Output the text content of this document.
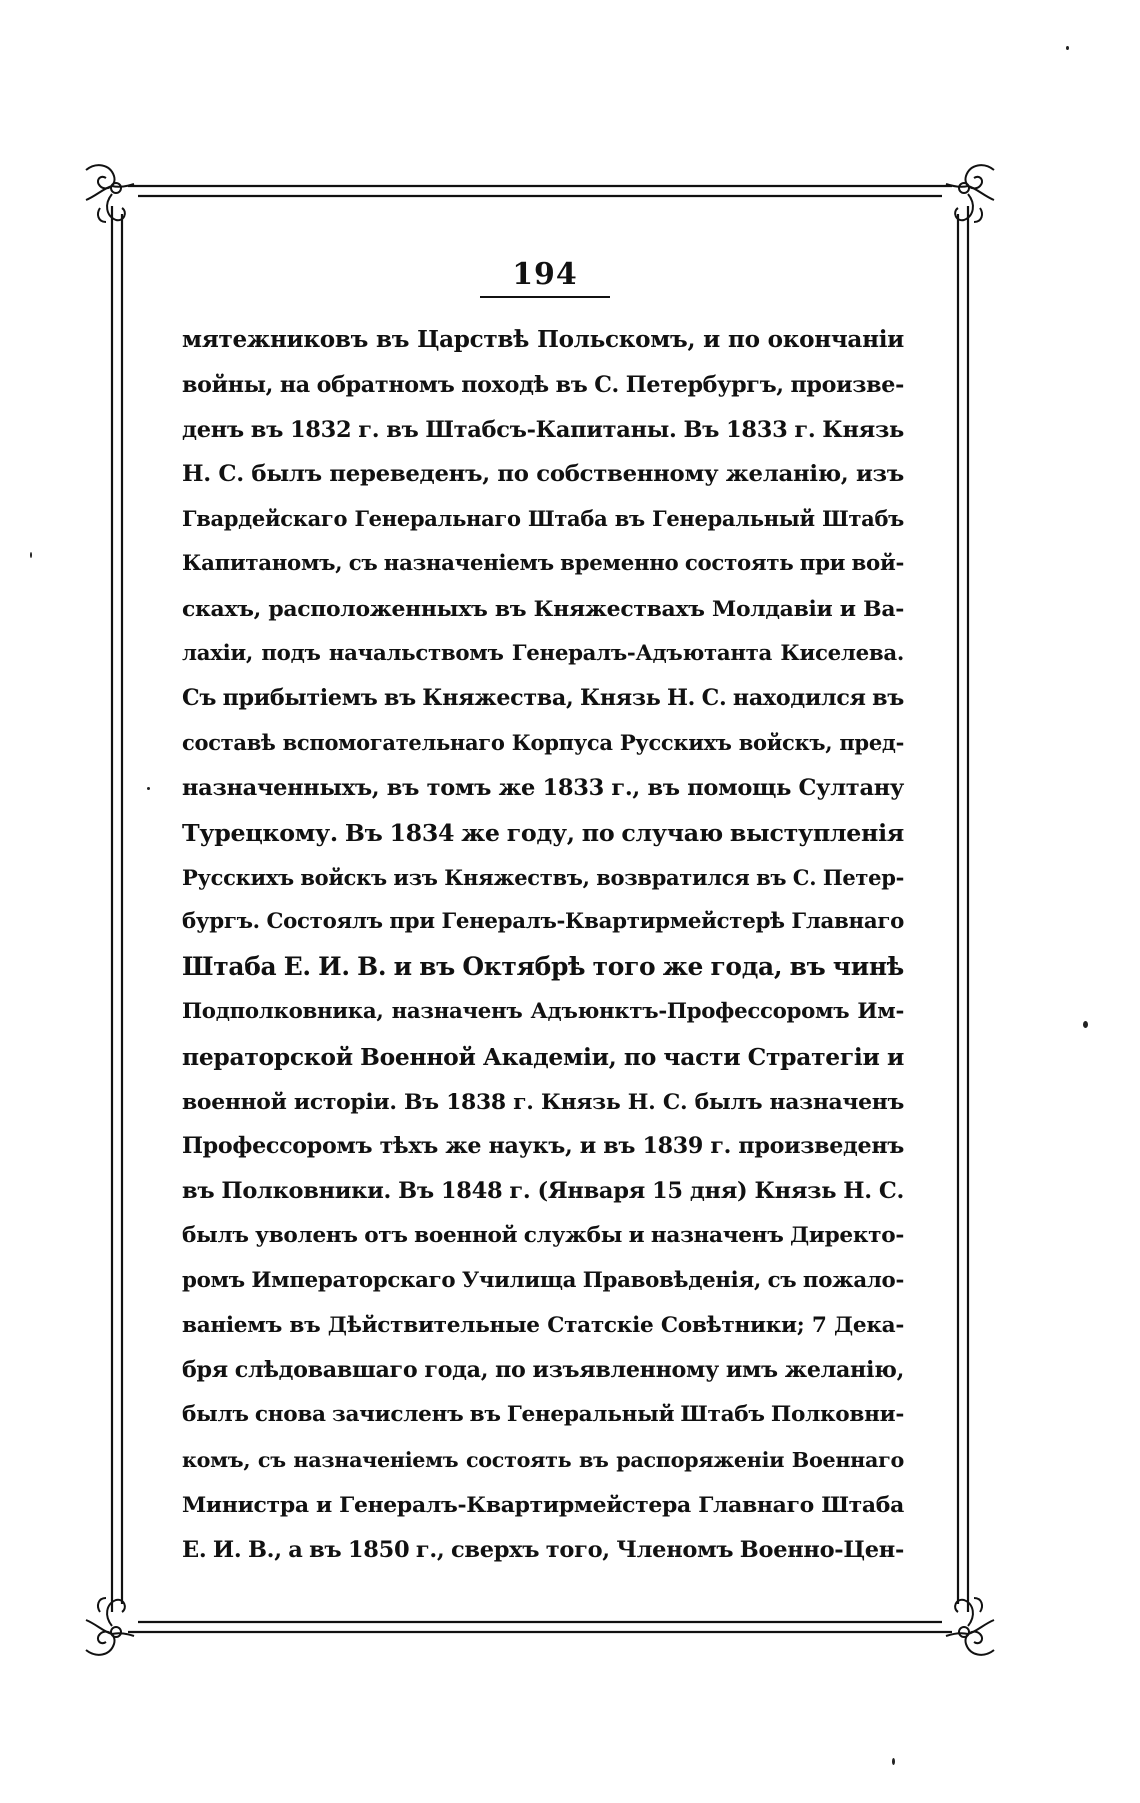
194
мятежниковъ въ Царствѣ Польскомъ, и по окончаніи
войны, на обратномъ походѣ въ С. Петербургъ, произве-
денъ въ 1832 г. въ Штабсъ-Капитаны. Въ 1833 г. Князь
Н. С. былъ переведенъ, по собственному желанію, изъ
Гвардейскаго Генеральнаго Штаба въ Генеральный Штабъ
Капитаномъ, съ назначеніемъ временно состоять при вой-
скахъ, расположенныхъ въ Княжествахъ Молдавіи и Ва-
лахіи, подъ начальствомъ Генералъ-Адъютанта Киселева.
Съ прибытіемъ въ Княжества, Князь Н. С. находился въ
составѣ вспомогательнаго Корпуса Русскихъ войскъ, пред-
назначенныхъ, въ томъ же 1833 г., въ помощь Султану
Турецкому. Въ 1834 же году, по случаю выступленія
Русскихъ войскъ изъ Княжествъ, возвратился въ С. Петер-
бургъ. Состоялъ при Генералъ-Квартирмейстерѣ Главнаго
Штаба Е. И. В. и въ Октябрѣ того же года, въ чинѣ
Подполковника, назначенъ Адъюнктъ-Профессоромъ Им-
ператорской Военной Академіи, по части Стратегіи и
военной исторіи. Въ 1838 г. Князь Н. С. былъ назначенъ
Профессоромъ тѣхъ же наукъ, и въ 1839 г. произведенъ
въ Полковники. Въ 1848 г. (Января 15 дня) Князь Н. С.
былъ уволенъ отъ военной службы и назначенъ Директо-
ромъ Императорскаго Училища Правовѣденія, съ пожало-
ваніемъ въ Дѣйствительные Статскіе Совѣтники; 7 Дека-
бря слѣдовавшаго года, по изъявленному имъ желанію,
былъ снова зачисленъ въ Генеральный Штабъ Полковни-
комъ, съ назначеніемъ состоять въ распоряженіи Военнаго
Министра и Генералъ-Квартирмейстера Главнаго Штаба
Е. И. В., а въ 1850 г., сверхъ того, Членомъ Военно-Цен-
